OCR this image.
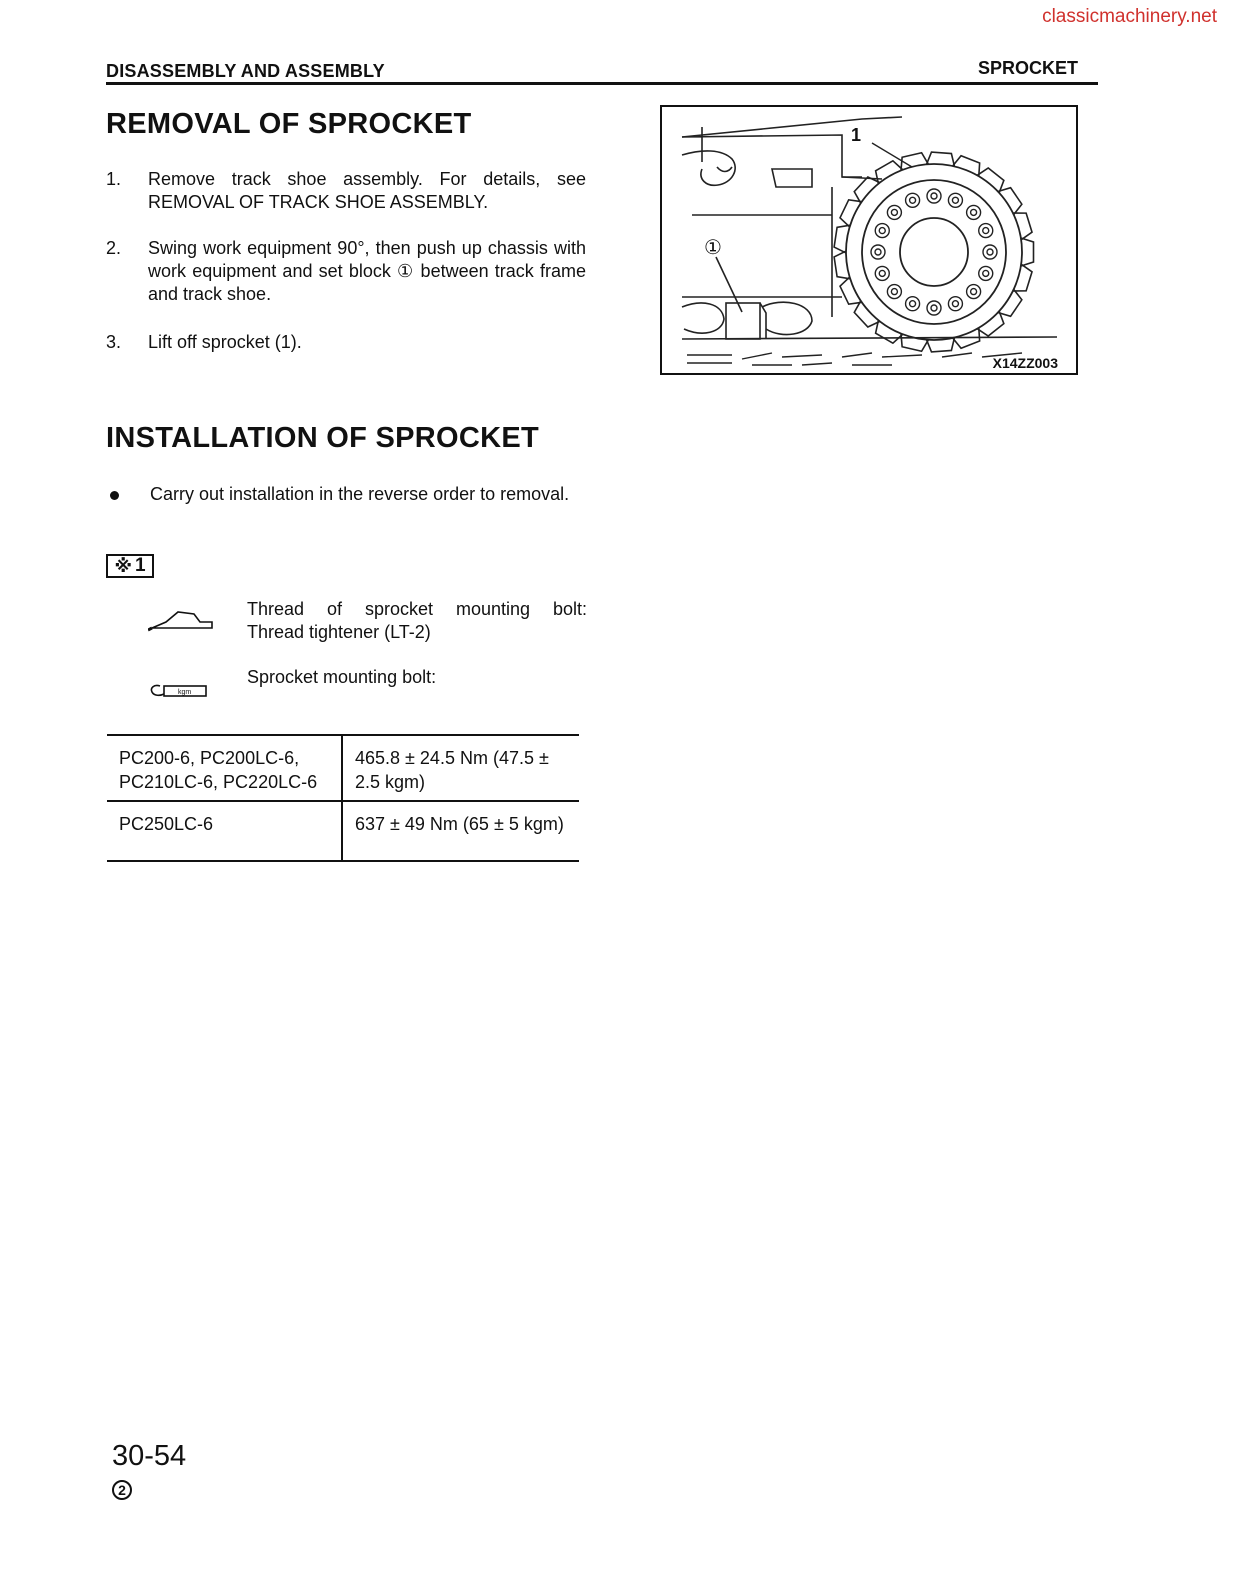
classicmachinery.net
DISASSEMBLY AND ASSEMBLY	SPROCKET
REMOVAL OF SPROCKET
1. Remove track shoe assembly. For details, see REMOVAL OF TRACK SHOE ASSEMBLY.
2. Swing work equipment 90°, then push up chassis with work equipment and set block ① between track frame and track shoe.
3. Lift off sprocket (1).
1
①
X14ZZ003
INSTALLATION OF SPROCKET
Carry out installation in the reverse order to removal.
※ 1
Thread of sprocket mounting bolt:
Thread tightener (LT-2)
kgm
Sprocket mounting bolt:
PC200-6, PC200LC-6, PC210LC-6, PC220LC-6	465.8 ± 24.5 Nm (47.5 ± 2.5 kgm)
PC250LC-6	637 ± 49 Nm (65 ± 5 kgm)
30-54
2
